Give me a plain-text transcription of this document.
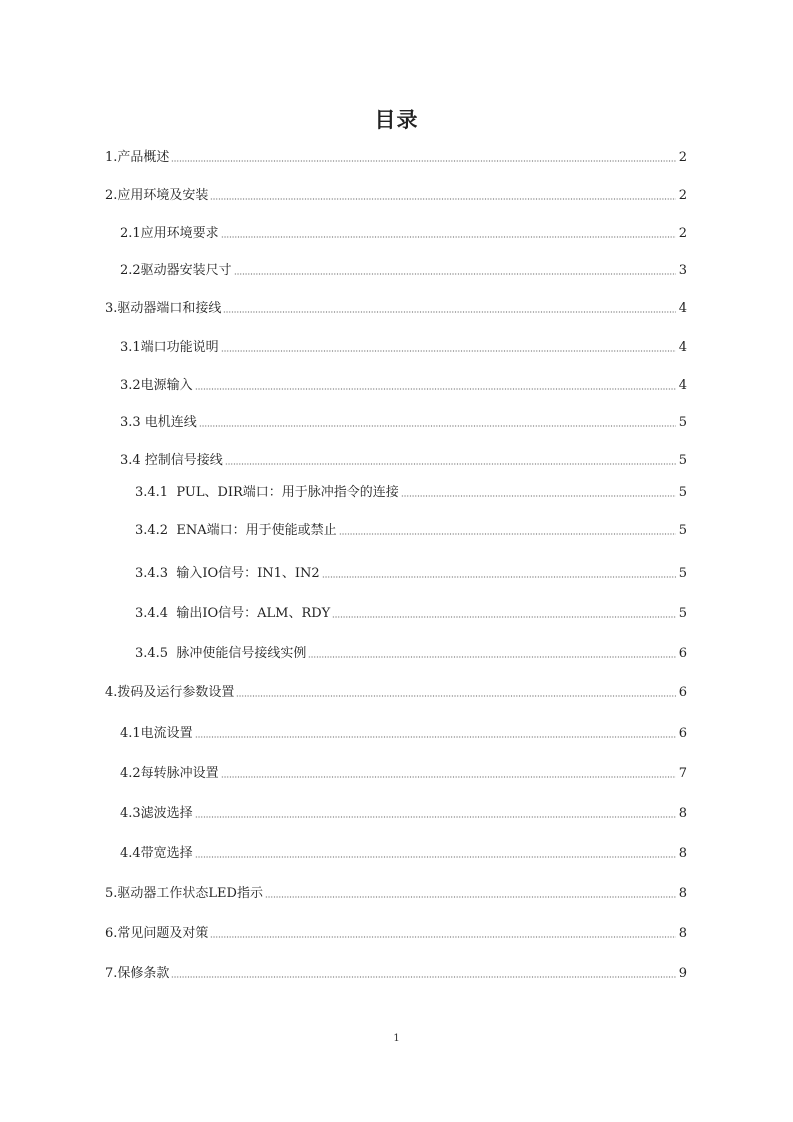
目录
1.产品概述	2
2.应用环境及安装	2
2.1应用环境要求	2
2.2驱动器安装尺寸	3
3.驱动器端口和接线	4
3.1端口功能说明	4
3.2电源输入	4
3.3 电机连线	5
3.4 控制信号接线	5
3.4.1  PUL、DIR端口：用于脉冲指令的连接	5
3.4.2  ENA端口：用于使能或禁止	5
3.4.3  输入IO信号：IN1、IN2	5
3.4.4  输出IO信号：ALM、RDY	5
3.4.5  脉冲使能信号接线实例	6
4.拨码及运行参数设置	6
4.1电流设置	6
4.2每转脉冲设置	7
4.3滤波选择	8
4.4带宽选择	8
5.驱动器工作状态LED指示	8
6.常见问题及对策	8
7.保修条款	9
1
